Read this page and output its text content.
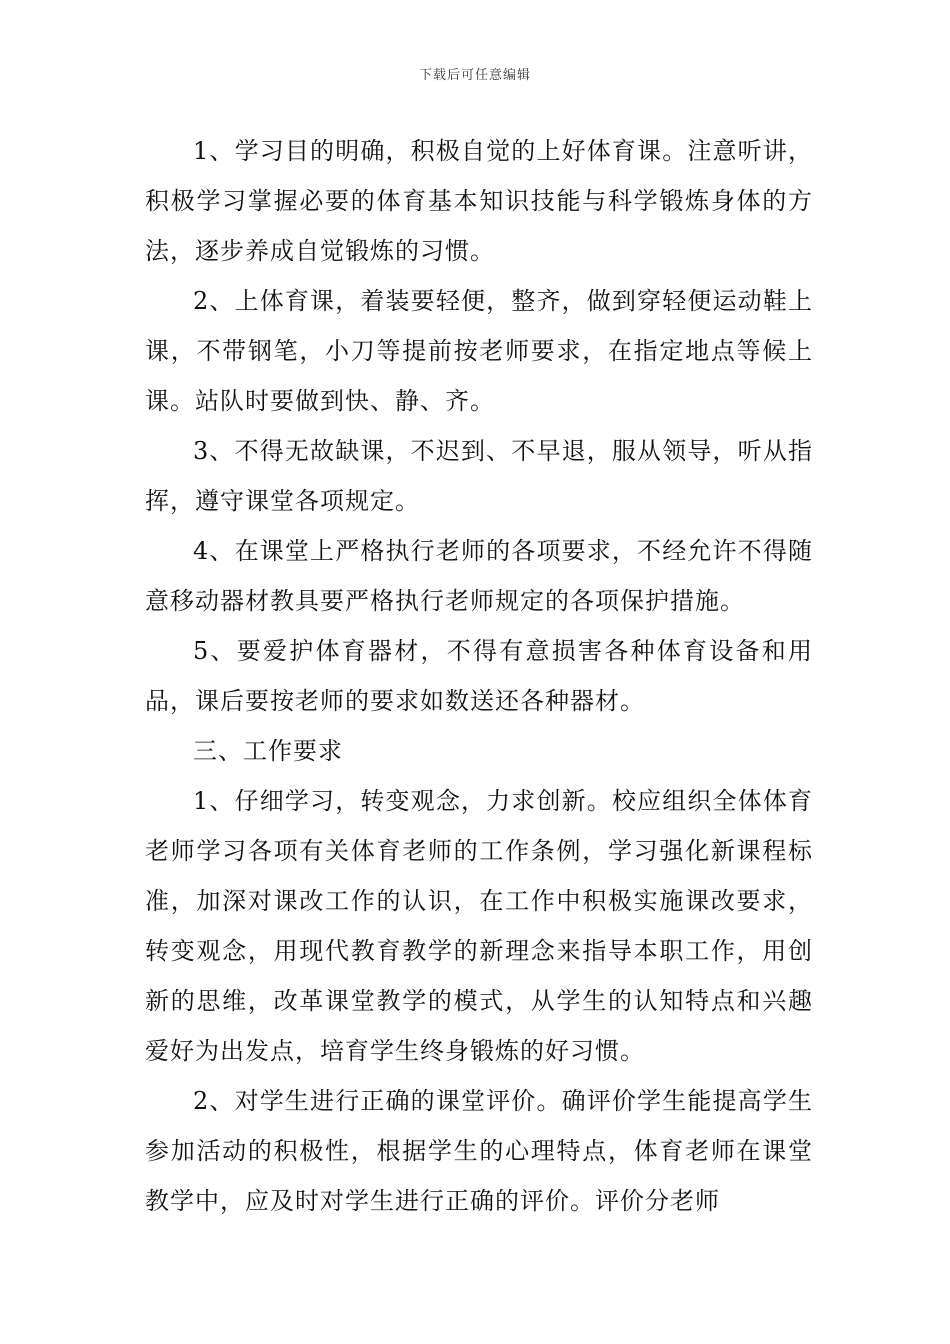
下载后可任意编辑

1、学习目的明确，积极自觉的上好体育课。注意听讲，积极学习掌握必要的体育基本知识技能与科学锻炼身体的方法，逐步养成自觉锻炼的习惯。

2、上体育课，着装要轻便，整齐，做到穿轻便运动鞋上课，不带钢笔，小刀等提前按老师要求，在指定地点等候上课。站队时要做到快、静、齐。

3、不得无故缺课，不迟到、不早退，服从领导，听从指挥，遵守课堂各项规定。

4、在课堂上严格执行老师的各项要求，不经允许不得随意移动器材教具要严格执行老师规定的各项保护措施。

5、要爱护体育器材，不得有意损害各种体育设备和用品，课后要按老师的要求如数送还各种器材。

三、工作要求

1、仔细学习，转变观念，力求创新。校应组织全体体育老师学习各项有关体育老师的工作条例，学习强化新课程标准，加深对课改工作的认识，在工作中积极实施课改要求，转变观念，用现代教育教学的新理念来指导本职工作，用创新的思维，改革课堂教学的模式，从学生的认知特点和兴趣爱好为出发点，培育学生终身锻炼的好习惯。

2、对学生进行正确的课堂评价。确评价学生能提高学生参加活动的积极性，根据学生的心理特点，体育老师在课堂教学中，应及时对学生进行正确的评价。评价分老师
